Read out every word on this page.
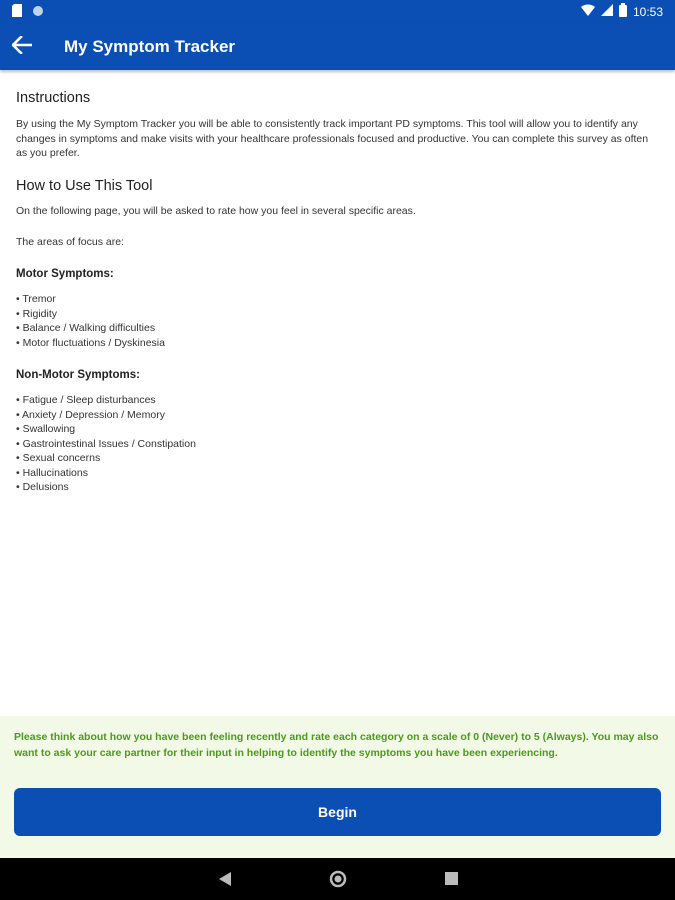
10:53
My Symptom Tracker
Instructions

By using the My Symptom Tracker you will be able to consistently track important PD symptoms. This tool will allow you to identify any changes in symptoms and make visits with your healthcare professionals focused and productive. You can complete this survey as often as you prefer.

How to Use This Tool

On the following page, you will be asked to rate how you feel in several specific areas.

The areas of focus are:

Motor Symptoms:
• Tremor
• Rigidity
• Balance / Walking difficulties
• Motor fluctuations / Dyskinesia
Non-Motor Symptoms:
• Fatigue / Sleep disturbances
• Anxiety / Depression / Memory
• Swallowing
• Gastrointestinal Issues / Constipation
• Sexual concerns
• Hallucinations
• Delusions
Please think about how you have been feeling recently and rate each category on a scale of 0 (Never) to 5 (Always). You may also want to ask your care partner for their input in helping to identify the symptoms you have been experiencing.
Begin
